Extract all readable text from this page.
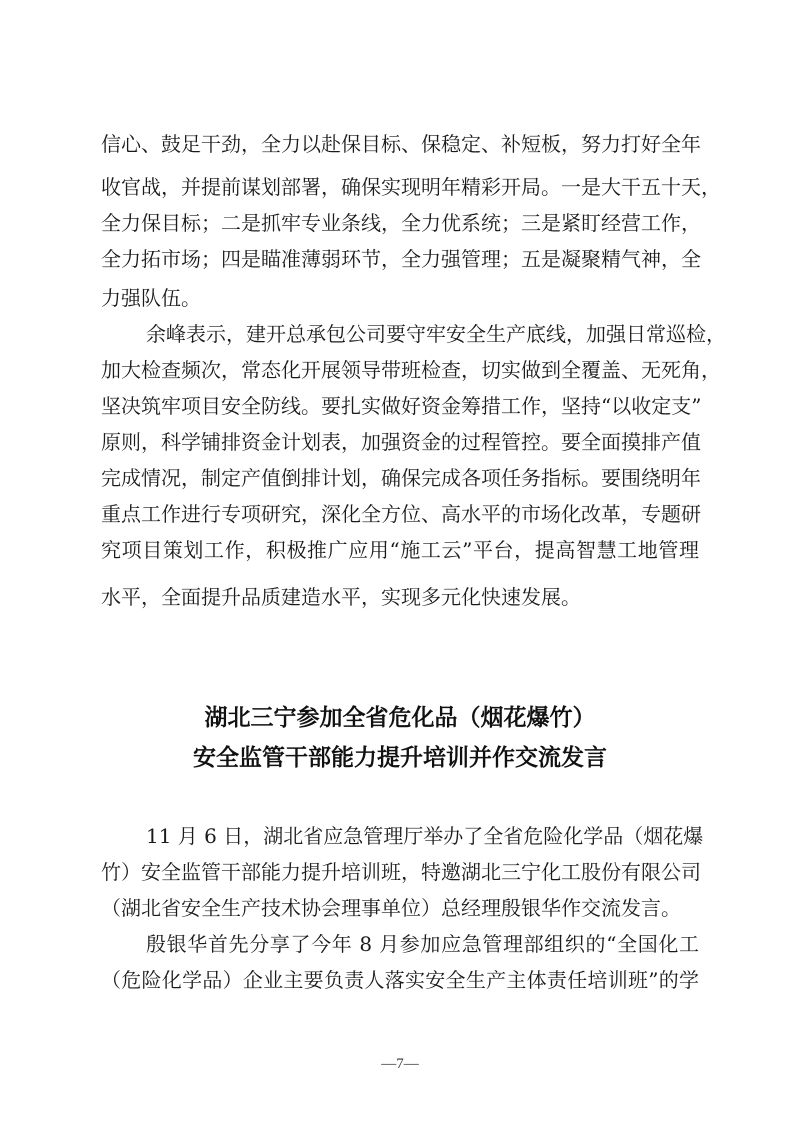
信心、鼓足干劲，全力以赴保目标、保稳定、补短板，努力打好全年
收官战，并提前谋划部署，确保实现明年精彩开局。一是大干五十天，
全力保目标；二是抓牢专业条线，全力优系统；三是紧盯经营工作，
全力拓市场；四是瞄准薄弱环节，全力强管理；五是凝聚精气神，全
力强队伍。
余峰表示，建开总承包公司要守牢安全生产底线，加强日常巡检，
加大检查频次，常态化开展领导带班检查，切实做到全覆盖、无死角，
坚决筑牢项目安全防线。要扎实做好资金筹措工作，坚持“以收定支”
原则，科学铺排资金计划表，加强资金的过程管控。要全面摸排产值
完成情况，制定产值倒排计划，确保完成各项任务指标。要围绕明年
重点工作进行专项研究，深化全方位、高水平的市场化改革，专题研
究项目策划工作，积极推广应用“施工云”平台，提高智慧工地管理
水平，全面提升品质建造水平，实现多元化快速发展。
湖北三宁参加全省危化品（烟花爆竹）
安全监管干部能力提升培训并作交流发言
11 月 6 日，湖北省应急管理厅举办了全省危险化学品（烟花爆
竹）安全监管干部能力提升培训班，特邀湖北三宁化工股份有限公司
（湖北省安全生产技术协会理事单位）总经理殷银华作交流发言。
殷银华首先分享了今年 8 月参加应急管理部组织的“全国化工
（危险化学品）企业主要负责人落实安全生产主体责任培训班”的学
—7—
